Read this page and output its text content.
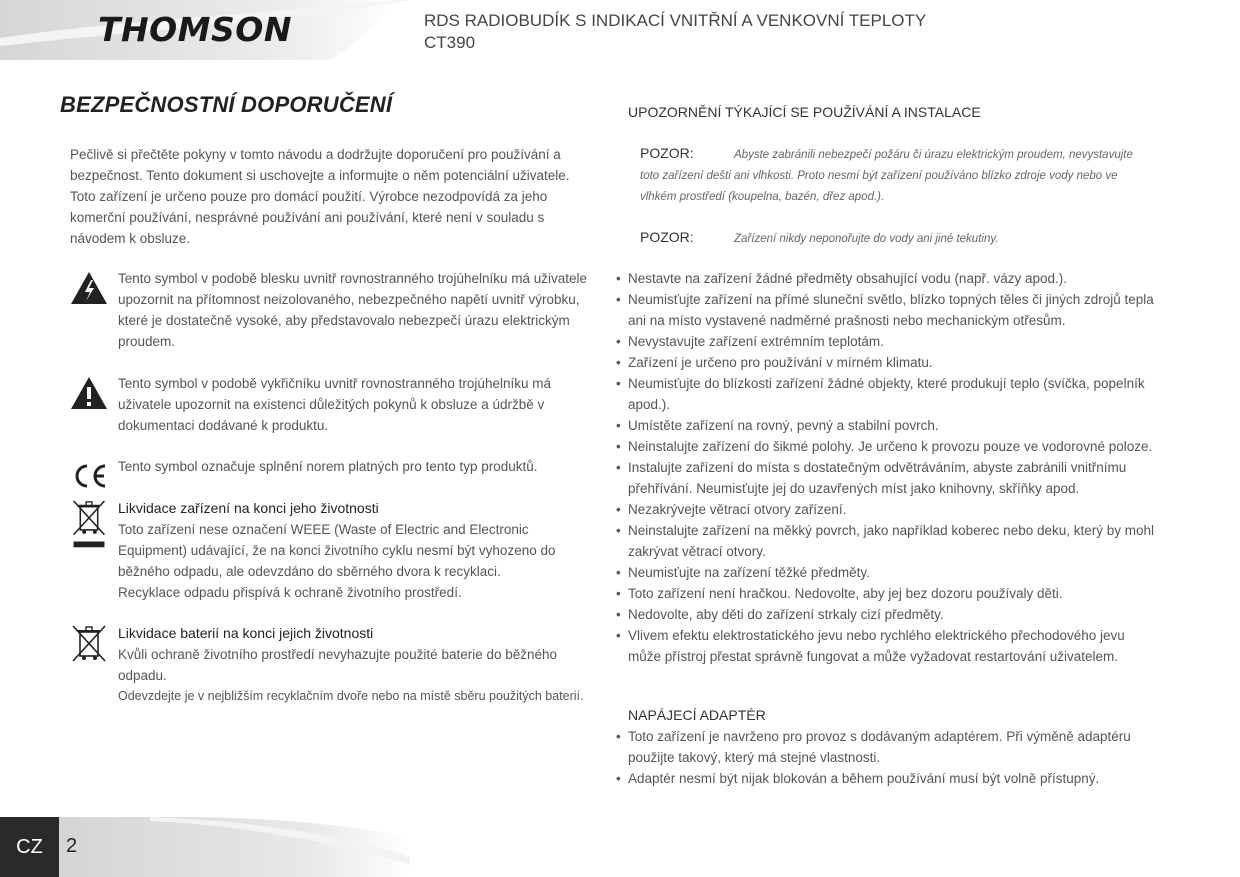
THOMSON	RDS RADIOBUDÍK S INDIKACÍ VNITŘNÍ A VENKOVNÍ TEPLOTY
CT390
BEZPEČNOSTNÍ DOPORUČENÍ
Pečlivě si přečtěte pokyny v tomto návodu a dodržujte doporučení pro používání a
bezpečnost. Tento dokument si uschovejte a informujte o něm potenciální uživatele.
Toto zařízení je určeno pouze pro domácí použití. Výrobce nezodpovídá za jeho
komerční používání, nesprávné používání ani používání, které není v souladu s
návodem k obsluze.
Tento symbol v podobě blesku uvnitř rovnostranného trojúhelníku má uživatele
upozornit na přítomnost neizolovaného, nebezpečného napětí uvnitř výrobku,
které je dostatečně vysoké, aby představovalo nebezpečí úrazu elektrickým
proudem.
Tento symbol v podobě vykřičníku uvnitř rovnostranného trojúhelníku má
uživatele upozornit na existenci důležitých pokynů k obsluze a údržbě v
dokumentaci dodávané k produktu.
Tento symbol označuje splnění norem platných pro tento typ produktů.
Likvidace zařízení na konci jeho životnosti
Toto zařízení nese označení WEEE (Waste of Electric and Electronic
Equipment) udávající, že na konci životního cyklu nesmí být vyhozeno do
běžného odpadu, ale odevzdáno do sběrného dvora k recyklaci.
Recyklace odpadu přispívá k ochraně životního prostředí.
Likvidace baterií na konci jejich životnosti
Kvůli ochraně životního prostředí nevyhazujte použité baterie do běžného
odpadu.
Odevzdejte je v nejbližším recyklačním dvoře nebo na místě sběru použitých baterií.
UPOZORNĚNÍ TÝKAJÍCÍ SE POUŽÍVÁNÍ A INSTALACE
POZOR:	Abyste zabránili nebezpečí požáru či úrazu elektrickým proudem, nevystavujte
toto zařízení dešti ani vlhkosti. Proto nesmí být zařízení používáno blízko zdroje vody nebo ve
vlhkém prostředí (koupelna, bazén, dřez apod.).
POZOR:	Zařízení nikdy neponořujte do vody ani jiné tekutiny.
• Nestavte na zařízení žádné předměty obsahující vodu (např. vázy apod.).
• Neumisťujte zařízení na přímé sluneční světlo, blízko topných těles či jiných zdrojů tepla ani na místo vystavené nadměrné prašnosti nebo mechanickým otřesům.
• Nevystavujte zařízení extrémním teplotám.
• Zařízení je určeno pro používání v mírném klimatu.
• Neumisťujte do blízkosti zařízení žádné objekty, které produkují teplo (svíčka, popelník apod.).
• Umístěte zařízení na rovný, pevný a stabilní povrch.
• Neinstalujte zařízení do šikmé polohy. Je určeno k provozu pouze ve vodorovné poloze.
• Instalujte zařízení do místa s dostatečným odvětráváním, abyste zabránili vnitřnímu přehřívání. Neumisťujte jej do uzavřených míst jako knihovny, skříňky apod.
• Nezakrývejte větrací otvory zařízení.
• Neinstalujte zařízení na měkký povrch, jako například koberec nebo deku, který by mohl zakrývat větrací otvory.
• Neumisťujte na zařízení těžké předměty.
• Toto zařízení není hračkou. Nedovolte, aby jej bez dozoru používaly děti.
• Nedovolte, aby děti do zařízení strkaly cizí předměty.
• Vlivem efektu elektrostatického jevu nebo rychlého elektrického přechodového jevu může přístroj přestat správně fungovat a může vyžadovat restartování uživatelem.
NAPÁJECÍ ADAPTÉR
• Toto zařízení je navrženo pro provoz s dodávaným adaptérem. Při výměně adaptéru použijte takový, který má stejné vlastnosti.
• Adaptér nesmí být nijak blokován a během používání musí být volně přístupný.
CZ	2
